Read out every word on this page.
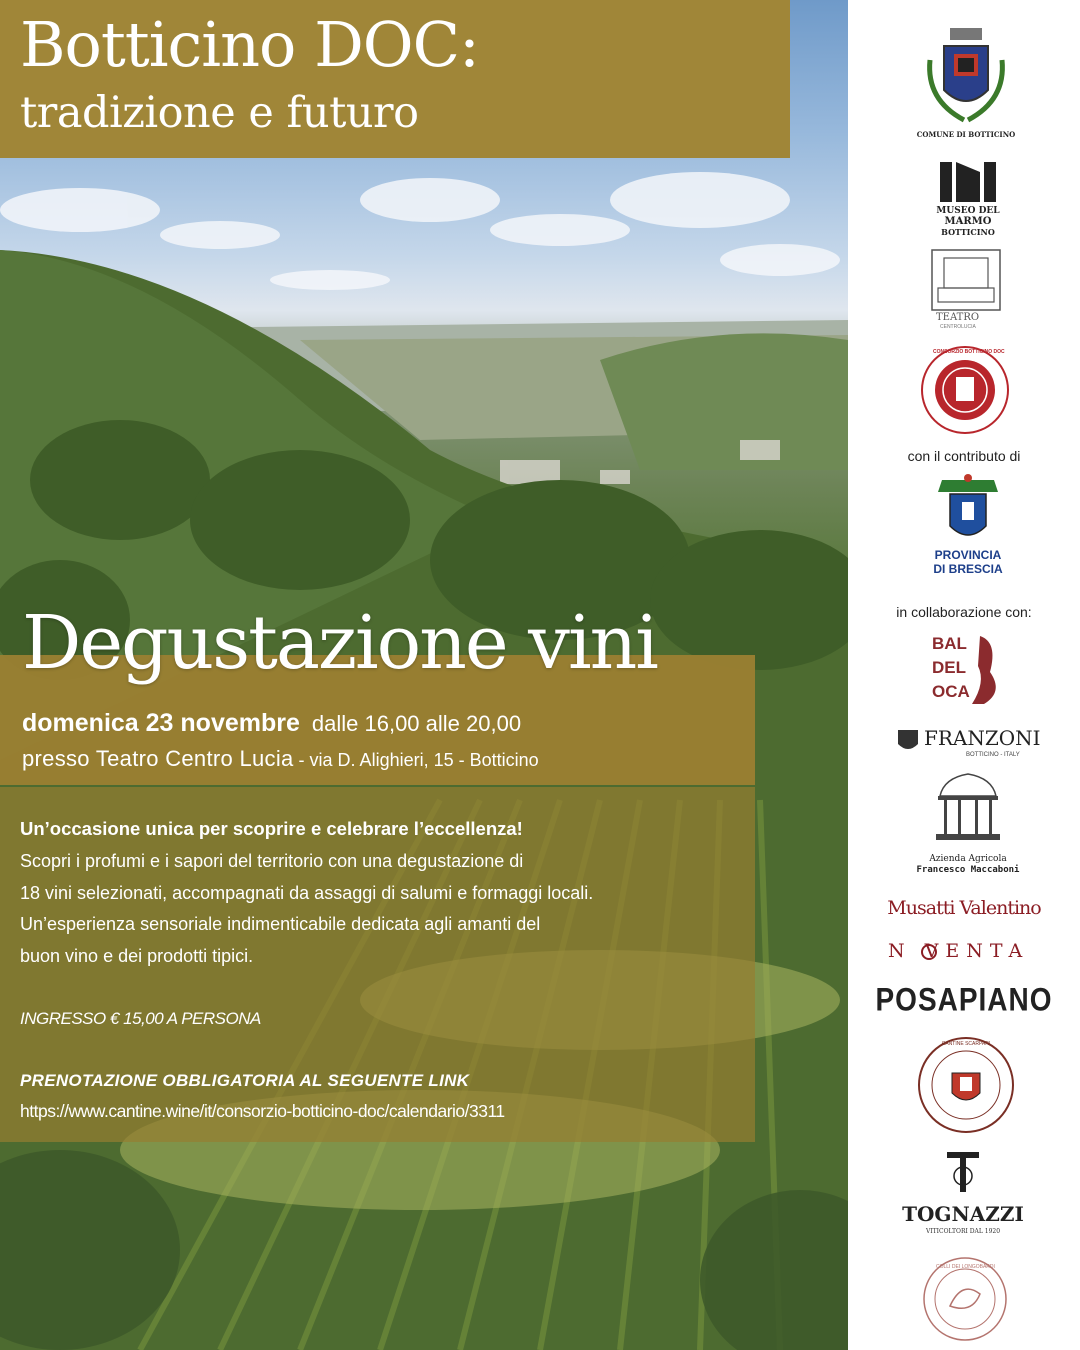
Botticino DOC:
tradizione e futuro
Degustazione vini
domenica 23 novembre dalle 16,00 alle 20,00
presso Teatro Centro Lucia - via D. Alighieri, 15 - Botticino
Un’occasione unica per scoprire e celebrare l’eccellenza!
Scopri i profumi e i sapori del territorio con una degustazione di
18 vini selezionati, accompagnati da assaggi di salumi e formaggi locali.
Un’esperienza sensoriale indimenticabile dedicata agli amanti del
buon vino e dei prodotti tipici.
INGRESSO € 15,00 A PERSONA
PRENOTAZIONE OBBLIGATORIA AL SEGUENTE LINK
https://www.cantine.wine/it/consorzio-botticino-doc/calendario/3311
COMUNE DI BOTTICINO
MUSEO DEL
MARMO
BOTTICINO
TEATRO
CENTROLUCIA
CONSORZIO BOTTICINO DOC
con il contributo di
PROVINCIA
DI BRESCIA
in collaborazione con:
BAL
DEL
OCA
FRANZONI
BOTTICINO - ITALY
Azienda Agricola
Francesco Maccaboni
Musatti Valentino
N VENTA
POSAPIANO
CANTINE SCARPARI
TOGNAZZI
VITICOLTORI DAL 1920
COLLI DEI LONGOBARDI
